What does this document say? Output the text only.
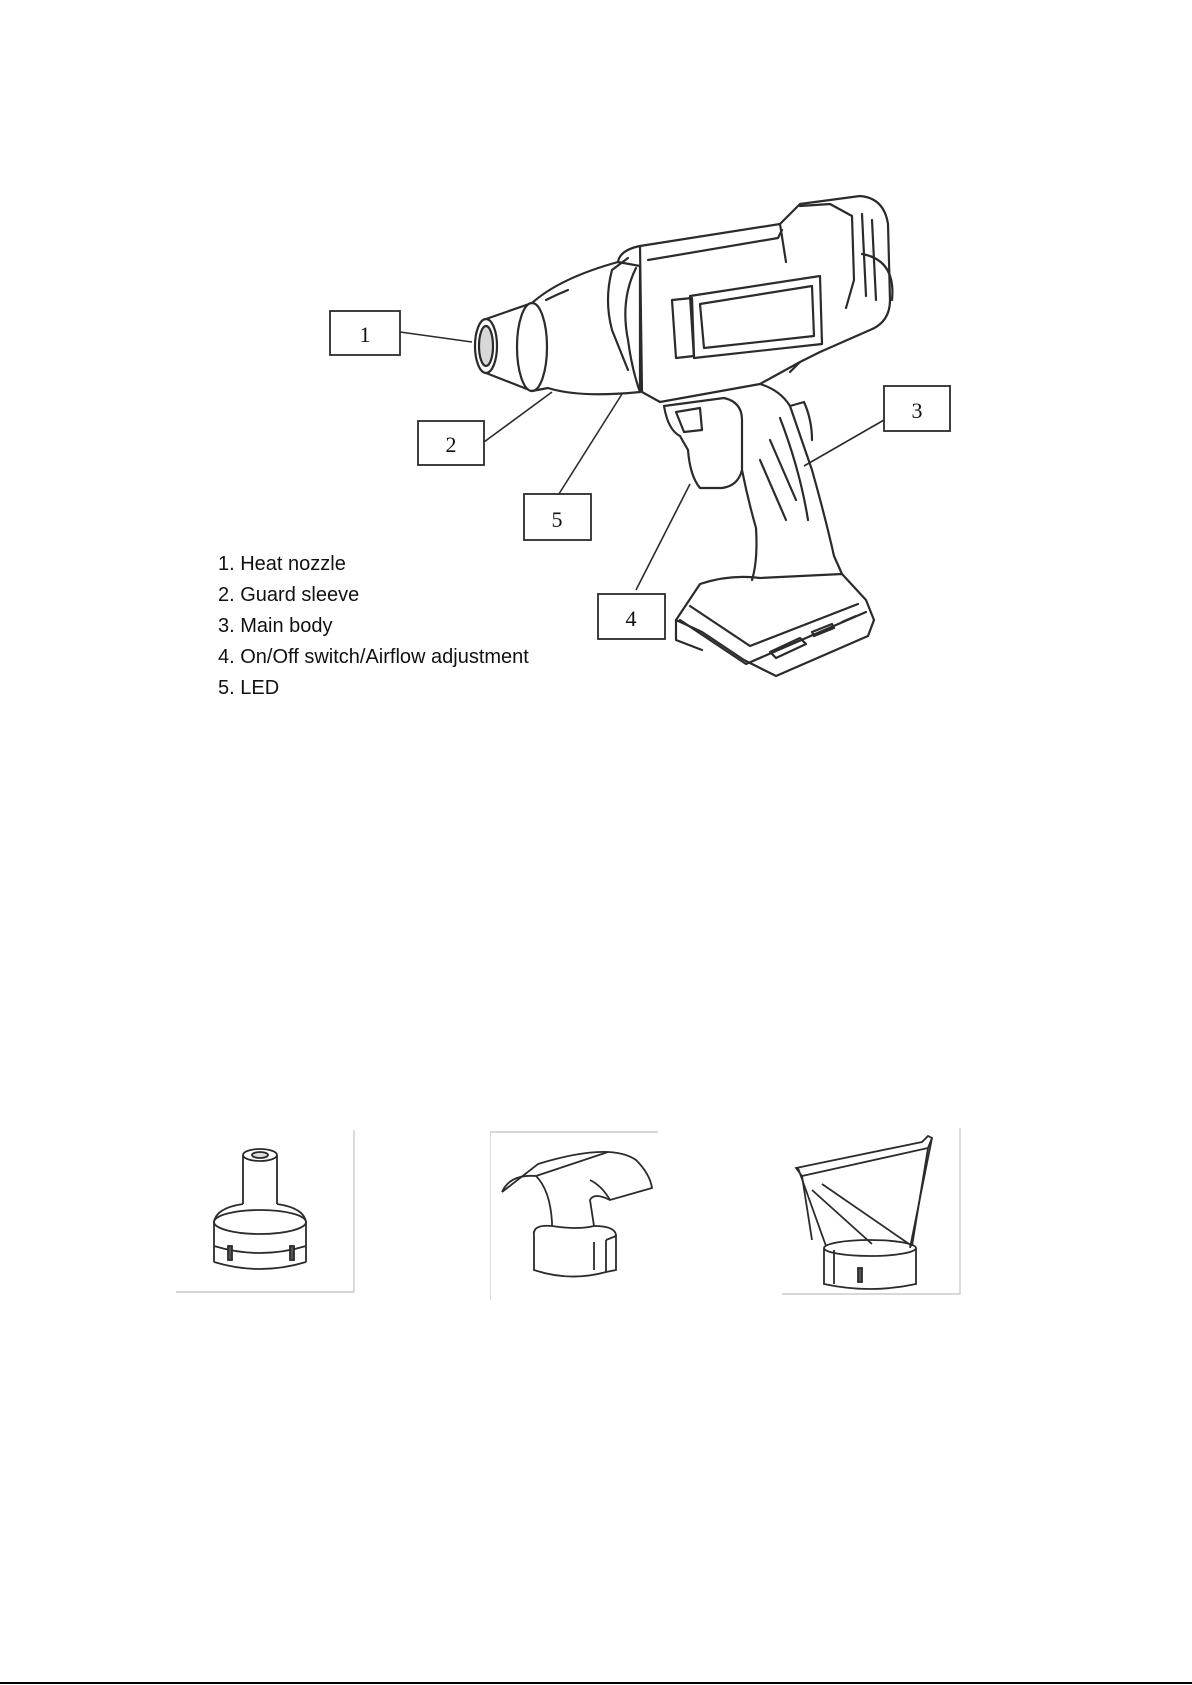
1
2
3
4
5
1. Heat nozzle
2. Guard sleeve
3. Main body
4. On/Off switch/Airflow adjustment
5. LED
